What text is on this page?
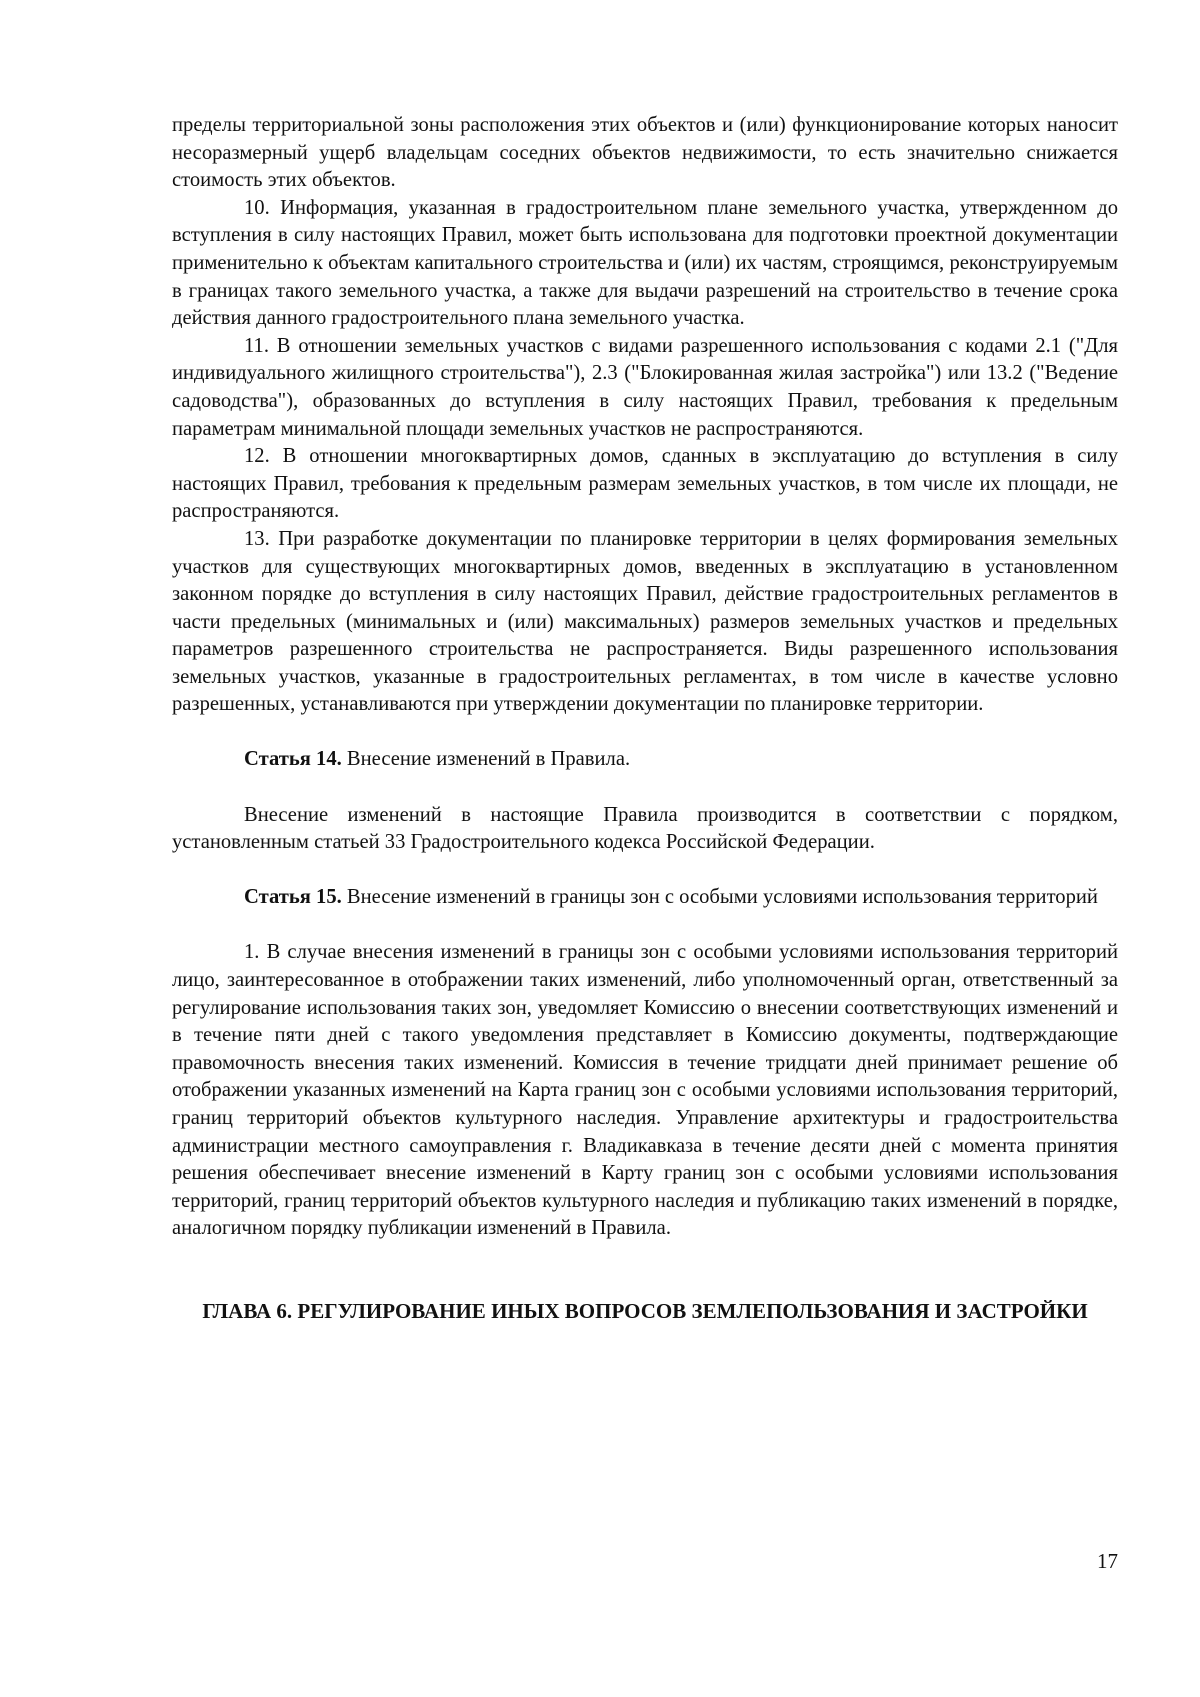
пределы территориальной зоны расположения этих объектов и (или) функционирование которых наносит несоразмерный ущерб владельцам соседних объектов недвижимости, то есть значительно снижается стоимость этих объектов.

10. Информация, указанная в градостроительном плане земельного участка, утвержденном до вступления в силу настоящих Правил, может быть использована для подготовки проектной документации применительно к объектам капитального строительства и (или) их частям, строящимся, реконструируемым в границах такого земельного участка, а также для выдачи разрешений на строительство в течение срока действия данного градостроительного плана земельного участка.

11. В отношении земельных участков с видами разрешенного использования с кодами 2.1 ("Для индивидуального жилищного строительства"), 2.3 ("Блокированная жилая застройка") или 13.2 ("Ведение садоводства"), образованных до вступления в силу настоящих Правил, требования к предельным параметрам минимальной площади земельных участков не распространяются.

12. В отношении многоквартирных домов, сданных в эксплуатацию до вступления в силу настоящих Правил, требования к предельным размерам земельных участков, в том числе их площади, не распространяются.

13. При разработке документации по планировке территории в целях формирования земельных участков для существующих многоквартирных домов, введенных в эксплуатацию в установленном законном порядке до вступления в силу настоящих Правил, действие градостроительных регламентов в части предельных (минимальных и (или) максимальных) размеров земельных участков и предельных параметров разрешенного строительства не распространяется. Виды разрешенного использования земельных участков, указанные в градостроительных регламентах, в том числе в качестве условно разрешенных, устанавливаются при утверждении документации по планировке территории.

Статья 14. Внесение изменений в Правила.

Внесение изменений в настоящие Правила производится в соответствии с порядком, установленным статьей 33 Градостроительного кодекса Российской Федерации.

Статья 15. Внесение изменений в границы зон с особыми условиями использования территорий

1. В случае внесения изменений в границы зон с особыми условиями использования территорий лицо, заинтересованное в отображении таких изменений, либо уполномоченный орган, ответственный за регулирование использования таких зон, уведомляет Комиссию о внесении соответствующих изменений и в течение пяти дней с такого уведомления представляет в Комиссию документы, подтверждающие правомочность внесения таких изменений. Комиссия в течение тридцати дней принимает решение об отображении указанных изменений на Карта границ зон с особыми условиями использования территорий, границ территорий объектов культурного наследия. Управление архитектуры и градостроительства администрации местного самоуправления г. Владикавказа в течение десяти дней с момента принятия решения обеспечивает внесение изменений в Карту границ зон с особыми условиями использования территорий, границ территорий объектов культурного наследия и публикацию таких изменений в порядке, аналогичном порядку публикации изменений в Правила.

ГЛАВА 6. РЕГУЛИРОВАНИЕ ИНЫХ ВОПРОСОВ ЗЕМЛЕПОЛЬЗОВАНИЯ И ЗАСТРОЙКИ

17
